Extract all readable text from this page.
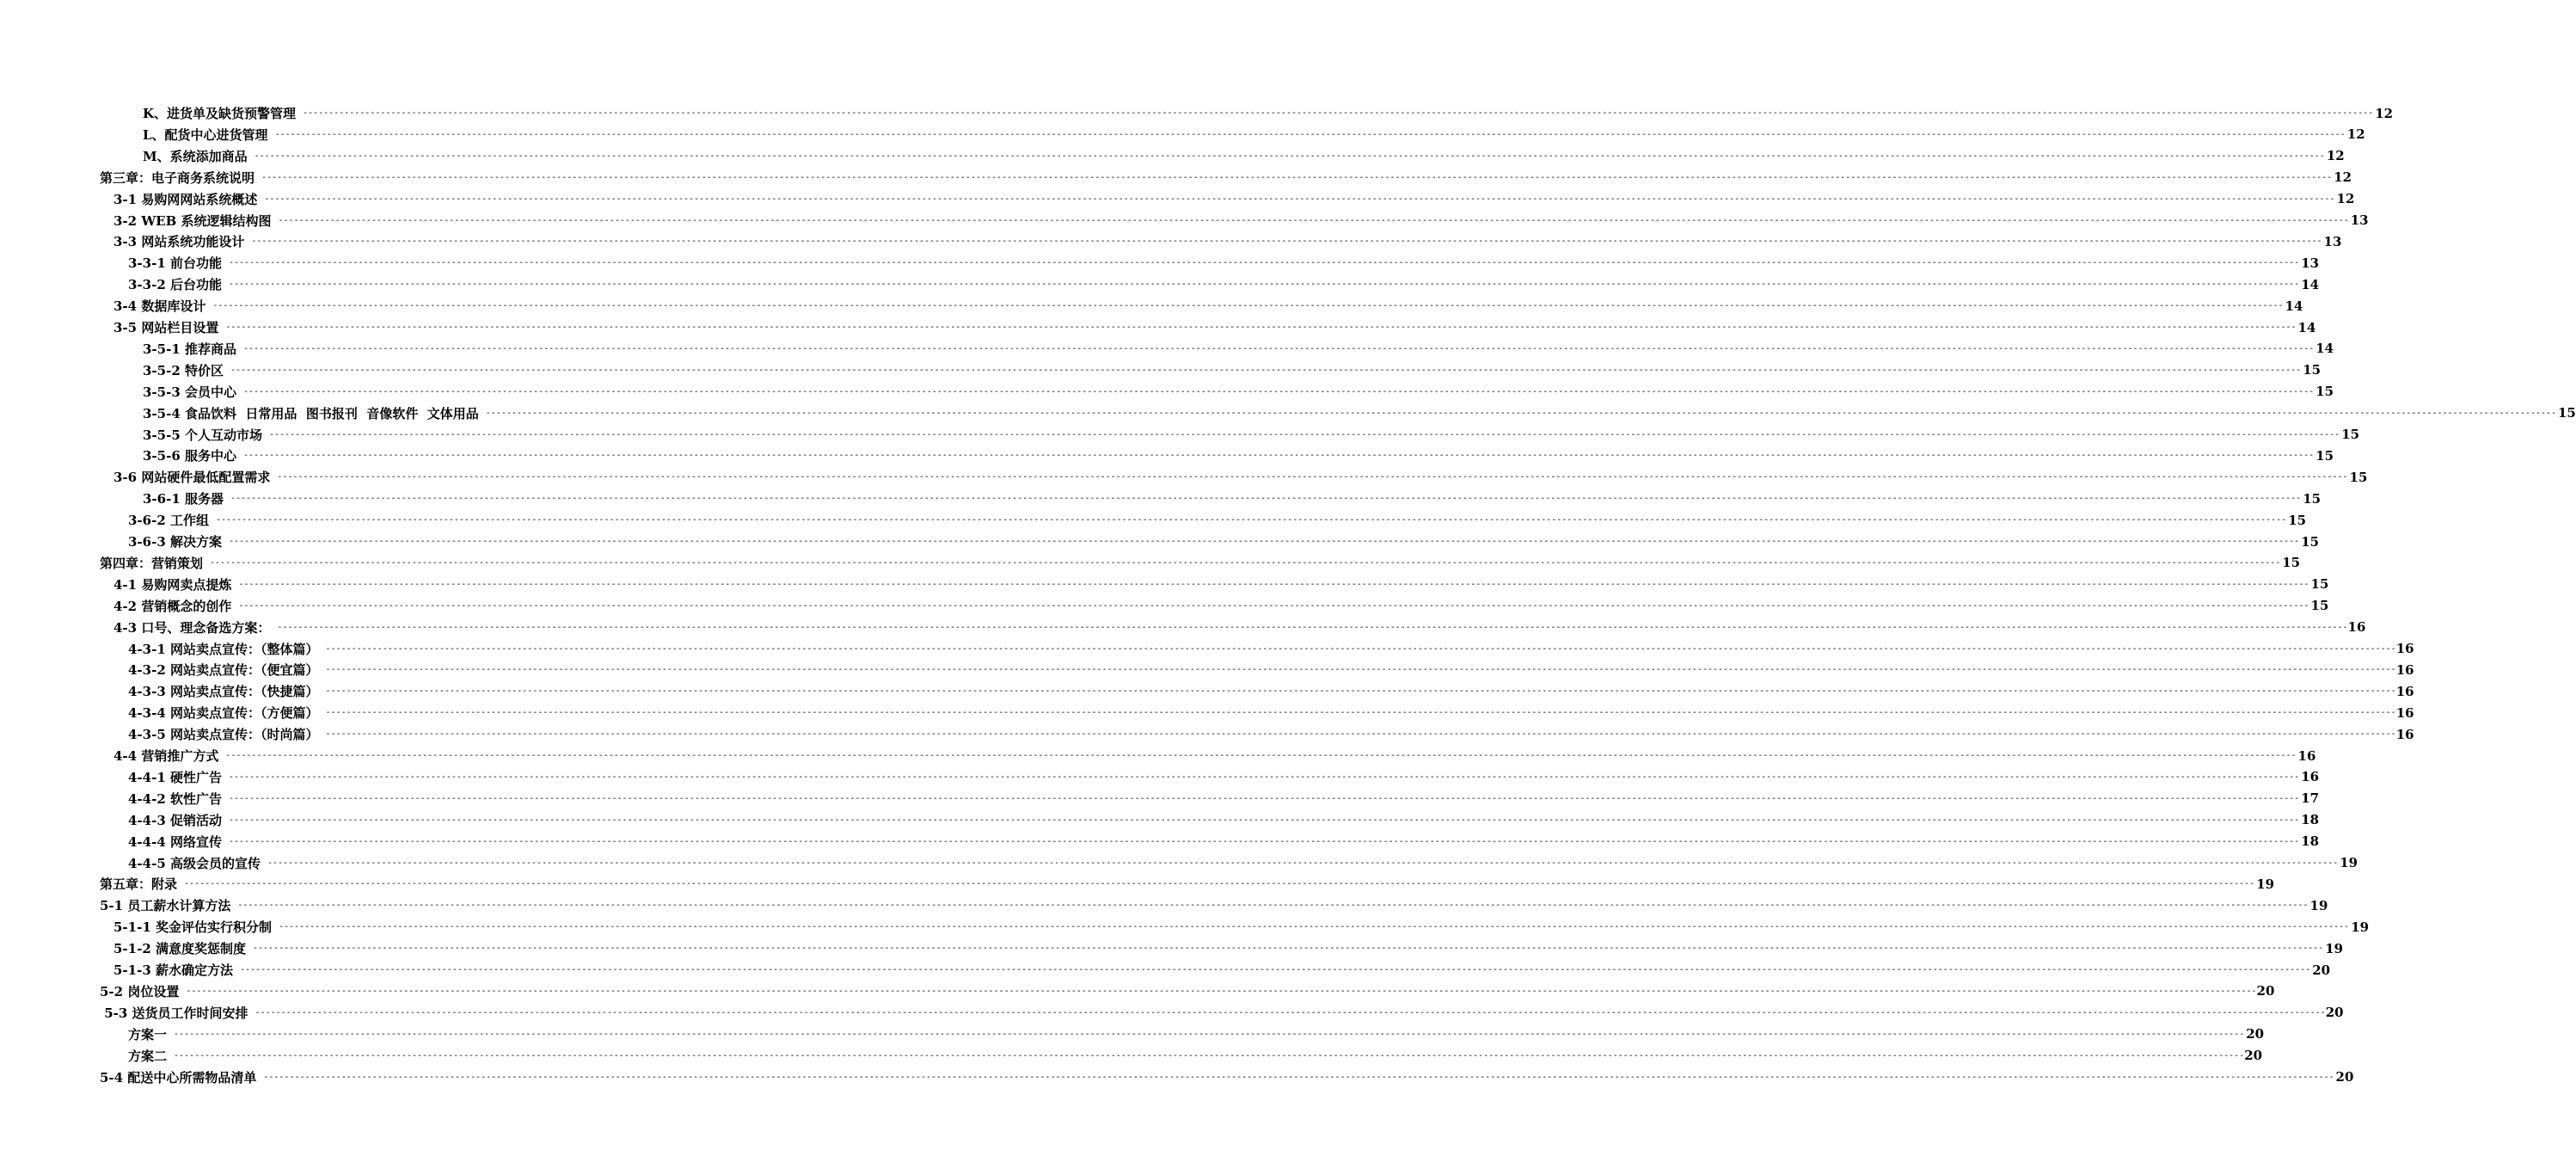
K、进货单及缺货预警管理 ---------------------------------------------------------------------------------------------------------------------------------------------------------------------------------------------------------------------------------------------------------------------------------------------------------------------------------------------------------------------------------------------------------------- 12
L、配货中心进货管理 ---------------------------------------------------------------------------------------------------------------------------------------------------------------------------------------------------------------------------------------------------------------------------------------------------------------------------------------------------------------------------------------------------------------- 12
M、系统添加商品 ---------------------------------------------------------------------------------------------------------------------------------------------------------------------------------------------------------------------------------------------------------------------------------------------------------------------------------------------------------------------------------------------------------------- 12
第三章：电子商务系统说明 ---------------------------------------------------------------------------------------------------------------------------------------------------------------------------------------------------------------------------------------------------------------------------------------------------------------------------------------------------------------------------------------------------------------- 12
3-1 易购网网站系统概述 ---------------------------------------------------------------------------------------------------------------------------------------------------------------------------------------------------------------------------------------------------------------------------------------------------------------------------------------------------------------------------------------------------------------- 12
3-2 WEB 系统逻辑结构图 ---------------------------------------------------------------------------------------------------------------------------------------------------------------------------------------------------------------------------------------------------------------------------------------------------------------------------------------------------------------------------------------------------------------- 13
3-3 网站系统功能设计 ---------------------------------------------------------------------------------------------------------------------------------------------------------------------------------------------------------------------------------------------------------------------------------------------------------------------------------------------------------------------------------------------------------------- 13
3-3-1 前台功能 ---------------------------------------------------------------------------------------------------------------------------------------------------------------------------------------------------------------------------------------------------------------------------------------------------------------------------------------------------------------------------------------------------------------- 13
3-3-2 后台功能 ---------------------------------------------------------------------------------------------------------------------------------------------------------------------------------------------------------------------------------------------------------------------------------------------------------------------------------------------------------------------------------------------------------------- 14
3-4 数据库设计 ---------------------------------------------------------------------------------------------------------------------------------------------------------------------------------------------------------------------------------------------------------------------------------------------------------------------------------------------------------------------------------------------------------------- 14
3-5 网站栏目设置 ---------------------------------------------------------------------------------------------------------------------------------------------------------------------------------------------------------------------------------------------------------------------------------------------------------------------------------------------------------------------------------------------------------------- 14
3-5-1 推荐商品 ---------------------------------------------------------------------------------------------------------------------------------------------------------------------------------------------------------------------------------------------------------------------------------------------------------------------------------------------------------------------------------------------------------------- 14
3-5-2 特价区 ---------------------------------------------------------------------------------------------------------------------------------------------------------------------------------------------------------------------------------------------------------------------------------------------------------------------------------------------------------------------------------------------------------------- 15
3-5-3 会员中心 ---------------------------------------------------------------------------------------------------------------------------------------------------------------------------------------------------------------------------------------------------------------------------------------------------------------------------------------------------------------------------------------------------------------- 15
3-5-4 食品饮料  日常用品  图书报刊  音像软件  文体用品 ---------------------------------------------------------------------------------------------------------------------------------------------------------------------------------------------------------------------------------------------------------------------------------------------------------------------------------------------------------------------------------------------------------------- 15
3-5-5 个人互动市场 ---------------------------------------------------------------------------------------------------------------------------------------------------------------------------------------------------------------------------------------------------------------------------------------------------------------------------------------------------------------------------------------------------------------- 15
3-5-6 服务中心 ---------------------------------------------------------------------------------------------------------------------------------------------------------------------------------------------------------------------------------------------------------------------------------------------------------------------------------------------------------------------------------------------------------------- 15
3-6 网站硬件最低配置需求 ---------------------------------------------------------------------------------------------------------------------------------------------------------------------------------------------------------------------------------------------------------------------------------------------------------------------------------------------------------------------------------------------------------------- 15
3-6-1 服务器 ---------------------------------------------------------------------------------------------------------------------------------------------------------------------------------------------------------------------------------------------------------------------------------------------------------------------------------------------------------------------------------------------------------------- 15
3-6-2 工作组 ---------------------------------------------------------------------------------------------------------------------------------------------------------------------------------------------------------------------------------------------------------------------------------------------------------------------------------------------------------------------------------------------------------------- 15
3-6-3 解决方案 ---------------------------------------------------------------------------------------------------------------------------------------------------------------------------------------------------------------------------------------------------------------------------------------------------------------------------------------------------------------------------------------------------------------- 15
第四章：营销策划 ---------------------------------------------------------------------------------------------------------------------------------------------------------------------------------------------------------------------------------------------------------------------------------------------------------------------------------------------------------------------------------------------------------------- 15
4-1 易购网卖点提炼 ---------------------------------------------------------------------------------------------------------------------------------------------------------------------------------------------------------------------------------------------------------------------------------------------------------------------------------------------------------------------------------------------------------------- 15
4-2 营销概念的创作 ---------------------------------------------------------------------------------------------------------------------------------------------------------------------------------------------------------------------------------------------------------------------------------------------------------------------------------------------------------------------------------------------------------------- 15
4-3 口号、理念备选方案： ---------------------------------------------------------------------------------------------------------------------------------------------------------------------------------------------------------------------------------------------------------------------------------------------------------------------------------------------------------------------------------------------------------------- 16
4-3-1 网站卖点宣传：（整体篇） ---------------------------------------------------------------------------------------------------------------------------------------------------------------------------------------------------------------------------------------------------------------------------------------------------------------------------------------------------------------------------------------------------------------- 16
4-3-2 网站卖点宣传：（便宜篇） ---------------------------------------------------------------------------------------------------------------------------------------------------------------------------------------------------------------------------------------------------------------------------------------------------------------------------------------------------------------------------------------------------------------- 16
4-3-3 网站卖点宣传：（快捷篇） ---------------------------------------------------------------------------------------------------------------------------------------------------------------------------------------------------------------------------------------------------------------------------------------------------------------------------------------------------------------------------------------------------------------- 16
4-3-4 网站卖点宣传：（方便篇） ---------------------------------------------------------------------------------------------------------------------------------------------------------------------------------------------------------------------------------------------------------------------------------------------------------------------------------------------------------------------------------------------------------------- 16
4-3-5 网站卖点宣传：（时尚篇） ---------------------------------------------------------------------------------------------------------------------------------------------------------------------------------------------------------------------------------------------------------------------------------------------------------------------------------------------------------------------------------------------------------------- 16
4-4 营销推广方式 ---------------------------------------------------------------------------------------------------------------------------------------------------------------------------------------------------------------------------------------------------------------------------------------------------------------------------------------------------------------------------------------------------------------- 16
4-4-1 硬性广告 ---------------------------------------------------------------------------------------------------------------------------------------------------------------------------------------------------------------------------------------------------------------------------------------------------------------------------------------------------------------------------------------------------------------- 16
4-4-2 软性广告 ---------------------------------------------------------------------------------------------------------------------------------------------------------------------------------------------------------------------------------------------------------------------------------------------------------------------------------------------------------------------------------------------------------------- 17
4-4-3 促销活动 ---------------------------------------------------------------------------------------------------------------------------------------------------------------------------------------------------------------------------------------------------------------------------------------------------------------------------------------------------------------------------------------------------------------- 18
4-4-4 网络宣传 ---------------------------------------------------------------------------------------------------------------------------------------------------------------------------------------------------------------------------------------------------------------------------------------------------------------------------------------------------------------------------------------------------------------- 18
4-4-5 高级会员的宣传 ---------------------------------------------------------------------------------------------------------------------------------------------------------------------------------------------------------------------------------------------------------------------------------------------------------------------------------------------------------------------------------------------------------------- 19
第五章：附录 ---------------------------------------------------------------------------------------------------------------------------------------------------------------------------------------------------------------------------------------------------------------------------------------------------------------------------------------------------------------------------------------------------------------- 19
5-1 员工薪水计算方法 ---------------------------------------------------------------------------------------------------------------------------------------------------------------------------------------------------------------------------------------------------------------------------------------------------------------------------------------------------------------------------------------------------------------- 19
5-1-1 奖金评估实行积分制 ---------------------------------------------------------------------------------------------------------------------------------------------------------------------------------------------------------------------------------------------------------------------------------------------------------------------------------------------------------------------------------------------------------------- 19
5-1-2 满意度奖惩制度 ---------------------------------------------------------------------------------------------------------------------------------------------------------------------------------------------------------------------------------------------------------------------------------------------------------------------------------------------------------------------------------------------------------------- 19
5-1-3 薪水确定方法 ---------------------------------------------------------------------------------------------------------------------------------------------------------------------------------------------------------------------------------------------------------------------------------------------------------------------------------------------------------------------------------------------------------------- 20
5-2 岗位设置 ---------------------------------------------------------------------------------------------------------------------------------------------------------------------------------------------------------------------------------------------------------------------------------------------------------------------------------------------------------------------------------------------------------------- 20
5-3 送货员工作时间安排 ---------------------------------------------------------------------------------------------------------------------------------------------------------------------------------------------------------------------------------------------------------------------------------------------------------------------------------------------------------------------------------------------------------------- 20
方案一 ---------------------------------------------------------------------------------------------------------------------------------------------------------------------------------------------------------------------------------------------------------------------------------------------------------------------------------------------------------------------------------------------------------------- 20
方案二 ---------------------------------------------------------------------------------------------------------------------------------------------------------------------------------------------------------------------------------------------------------------------------------------------------------------------------------------------------------------------------------------------------------------- 20
5-4 配送中心所需物品清单 ---------------------------------------------------------------------------------------------------------------------------------------------------------------------------------------------------------------------------------------------------------------------------------------------------------------------------------------------------------------------------------------------------------------- 20
